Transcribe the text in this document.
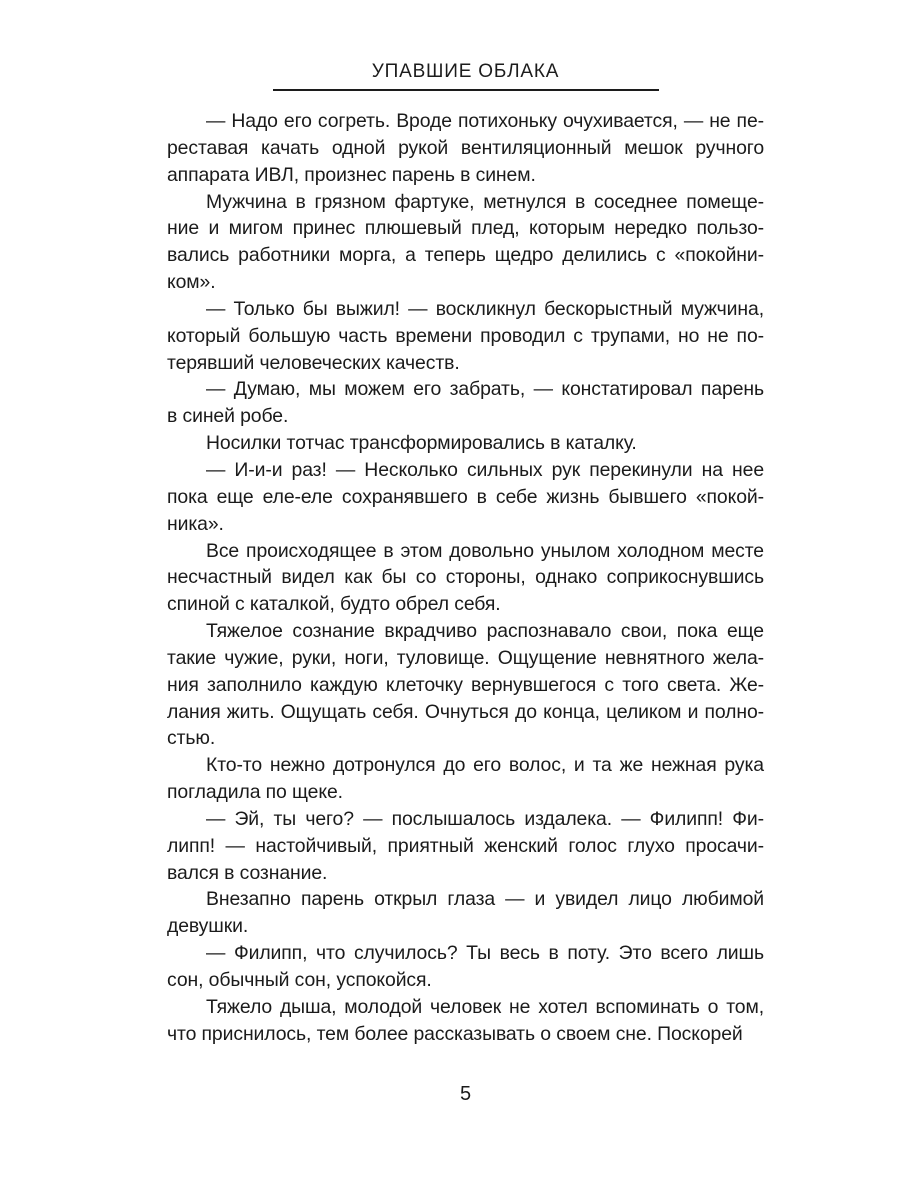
УПАВШИЕ ОБЛАКА
— Надо его согреть. Вроде потихоньку очухивается, — не пе-
реставая качать одной рукой вентиляционный мешок ручного
аппарата ИВЛ, произнес парень в синем.
Мужчина в грязном фартуке, метнулся в соседнее помеще-
ние и мигом принес плюшевый плед, которым нередко пользо-
вались работники морга, а теперь щедро делились с «покойни-
ком».
— Только бы выжил! — воскликнул бескорыстный мужчина,
который большую часть времени проводил с трупами, но не по-
терявший человеческих качеств.
— Думаю, мы можем его забрать, — констатировал парень
в синей робе.
Носилки тотчас трансформировались в каталку.
— И-и-и раз! — Несколько сильных рук перекинули на нее
пока еще еле-еле сохранявшего в себе жизнь бывшего «покой-
ника».
Все происходящее в этом довольно унылом холодном месте
несчастный видел как бы со стороны, однако соприкоснувшись
спиной с каталкой, будто обрел себя.
Тяжелое сознание вкрадчиво распознавало свои, пока еще
такие чужие, руки, ноги, туловище. Ощущение невнятного жела-
ния заполнило каждую клеточку вернувшегося с того света. Же-
лания жить. Ощущать себя. Очнуться до конца, целиком и полно-
стью.
Кто-то нежно дотронулся до его волос, и та же нежная рука
погладила по щеке.
— Эй, ты чего? — послышалось издалека. — Филипп! Фи-
липп! — настойчивый, приятный женский голос глухо просачи-
вался в сознание.
Внезапно парень открыл глаза — и увидел лицо любимой
девушки.
— Филипп, что случилось? Ты весь в поту. Это всего лишь
сон, обычный сон, успокойся.
Тяжело дыша, молодой человек не хотел вспоминать о том,
что приснилось, тем более рассказывать о своем сне. Поскорей
5
